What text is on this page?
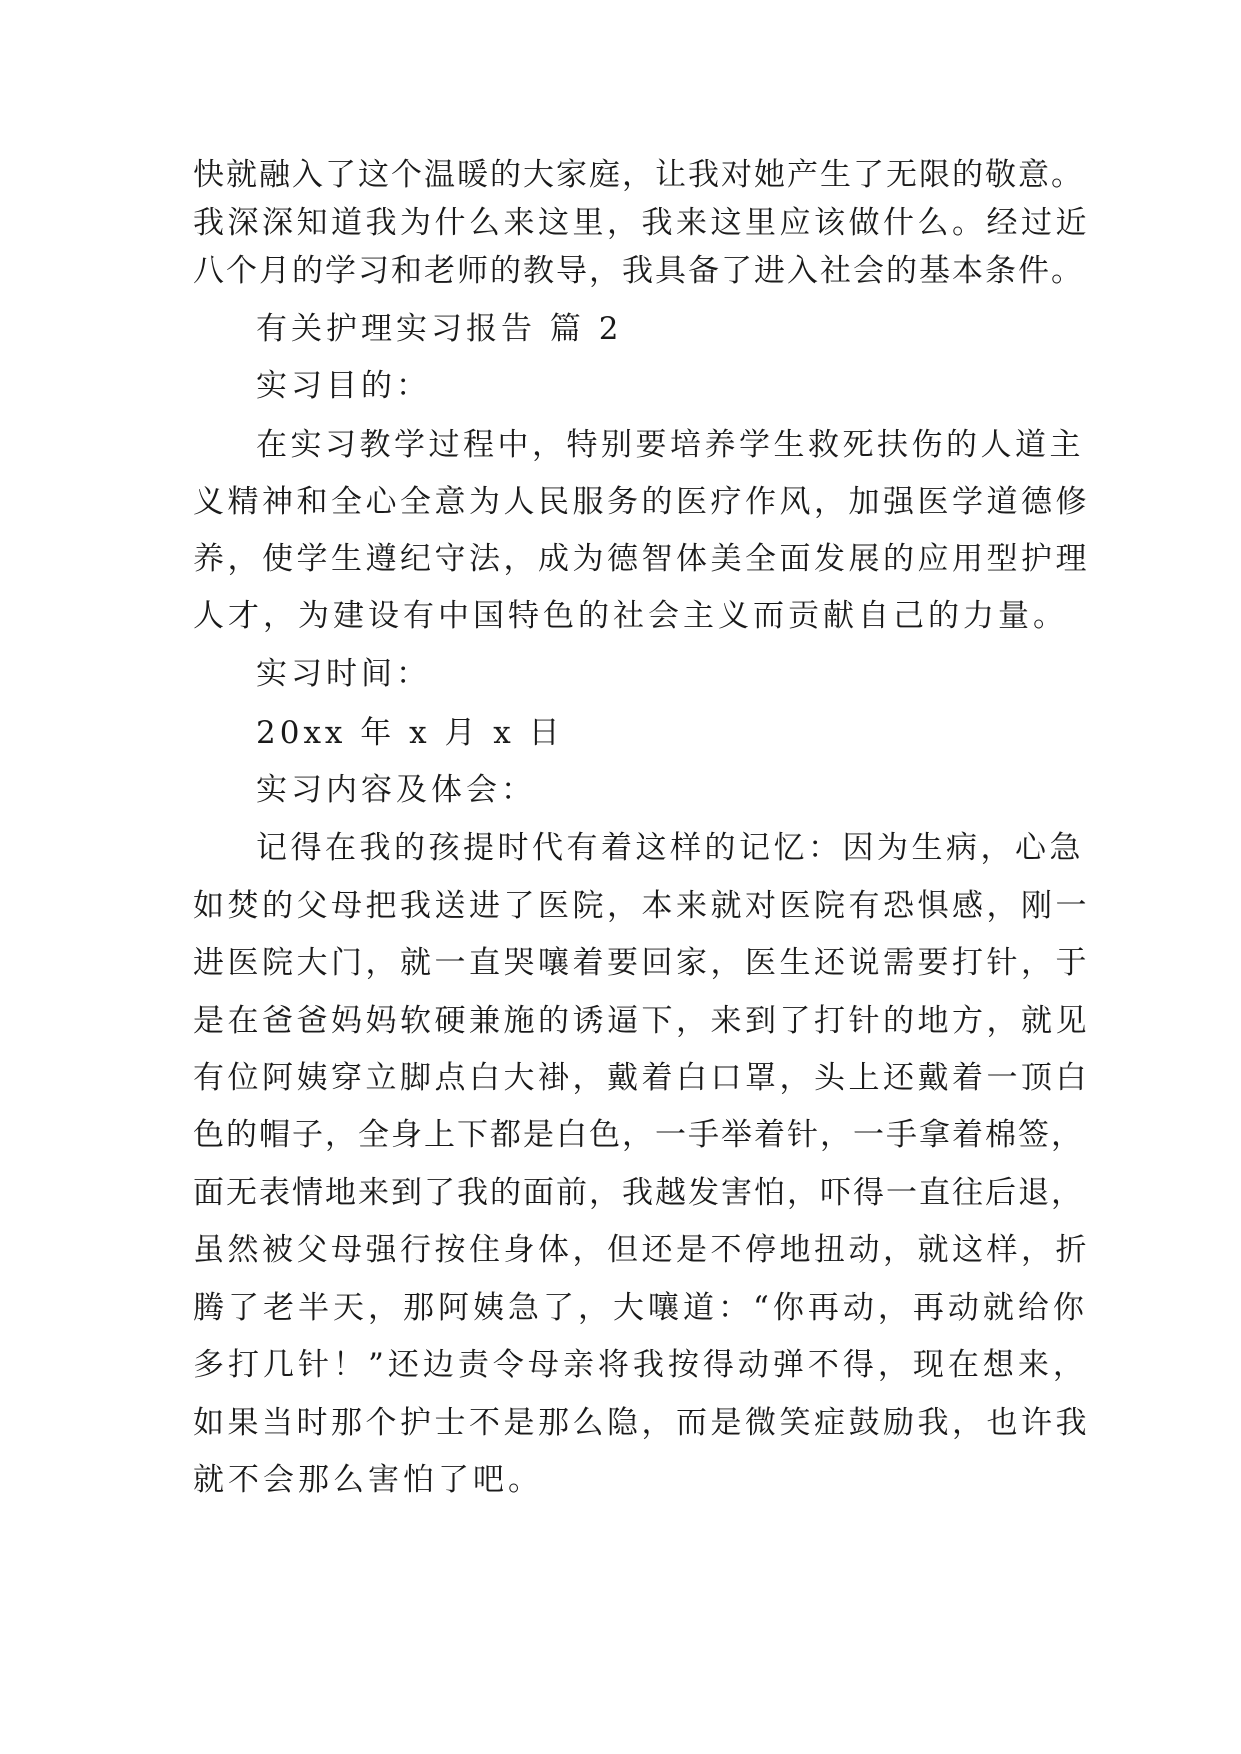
快就融入了这个温暖的大家庭，让我对她产生了无限的敬意。
我深深知道我为什么来这里，我来这里应该做什么。经过近
八个月的学习和老师的教导，我具备了进入社会的基本条件。
有关护理实习报告 篇 2
实习目的：
在实习教学过程中，特别要培养学生救死扶伤的人道主
义精神和全心全意为人民服务的医疗作风，加强医学道德修
养，使学生遵纪守法，成为德智体美全面发展的应用型护理
人才，为建设有中国特色的社会主义而贡献自己的力量。
实习时间：
20xx 年 x 月 x 日
实习内容及体会：
记得在我的孩提时代有着这样的记忆：因为生病，心急
如焚的父母把我送进了医院，本来就对医院有恐惧感，刚一
进医院大门，就一直哭嚷着要回家，医生还说需要打针，于
是在爸爸妈妈软硬兼施的诱逼下，来到了打针的地方，就见
有位阿姨穿立脚点白大褂，戴着白口罩，头上还戴着一顶白
色的帽子，全身上下都是白色，一手举着针，一手拿着棉签，
面无表情地来到了我的面前，我越发害怕，吓得一直往后退，
虽然被父母强行按住身体，但还是不停地扭动，就这样，折
腾了老半天，那阿姨急了，大嚷道：“你再动，再动就给你
多打几针！”还边责令母亲将我按得动弹不得，现在想来，
如果当时那个护士不是那么隐，而是微笑症鼓励我，也许我
就不会那么害怕了吧。
